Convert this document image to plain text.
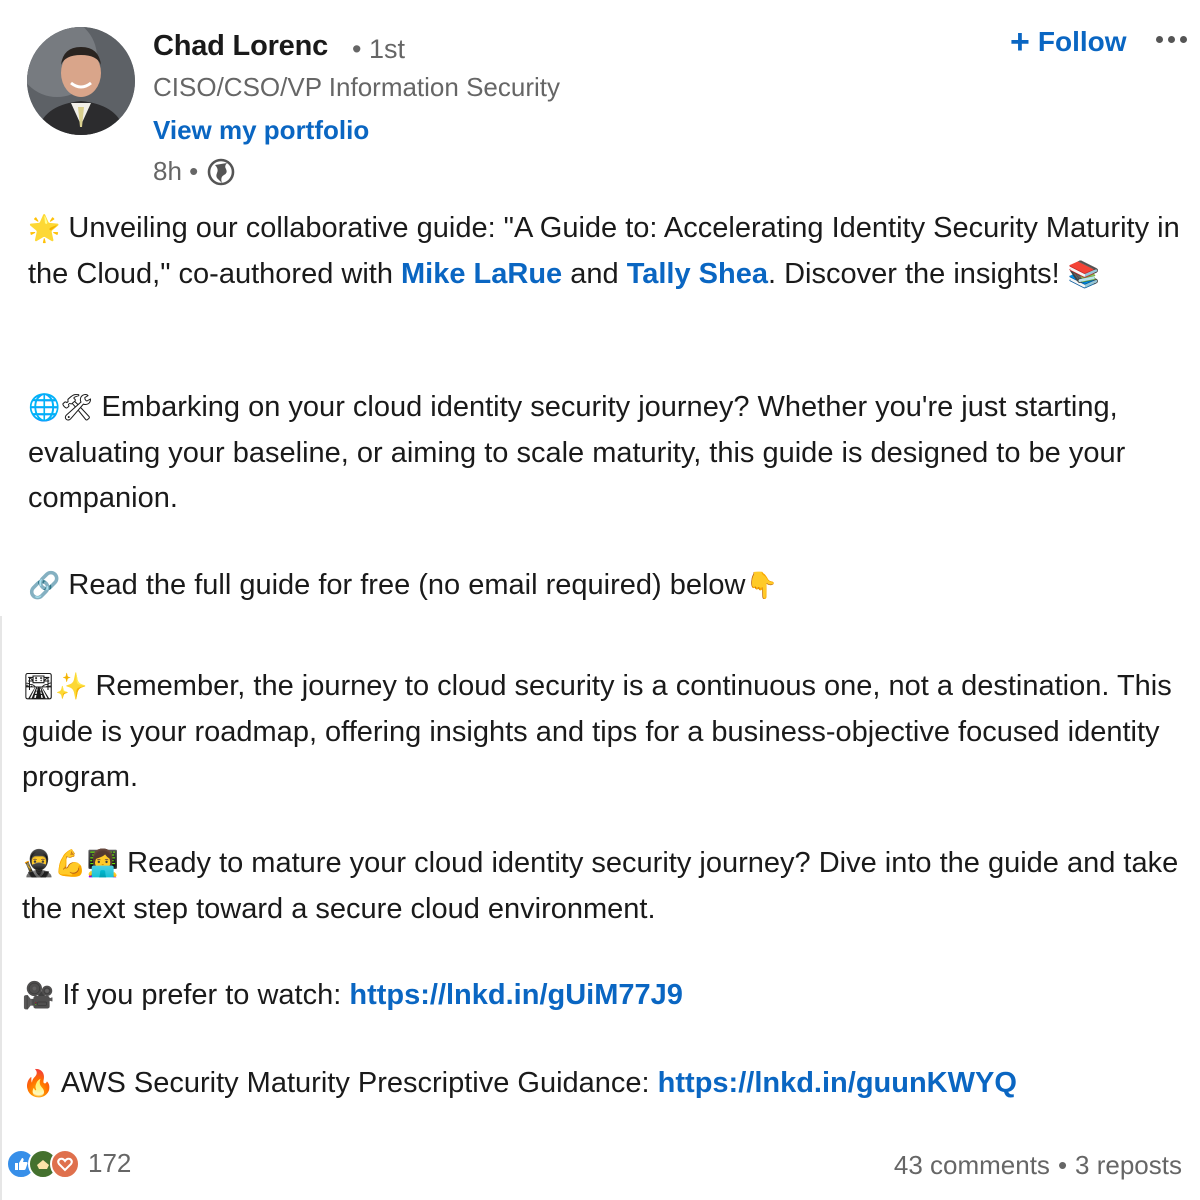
Chad Lorenc • 1st
CISO/CSO/VP Information Security
View my portfolio
8h •
+ Follow
🌟 Unveiling our collaborative guide: "A Guide to: Accelerating Identity Security Maturity in the Cloud," co-authored with Mike LaRue and Tally Shea. Discover the insights! 📚
🌐🛠 Embarking on your cloud identity security journey? Whether you're just starting, evaluating your baseline, or aiming to scale maturity, this guide is designed to be your companion.
🔗 Read the full guide for free (no email required) below👇
🛣✨ Remember, the journey to cloud security is a continuous one, not a destination. This guide is your roadmap, offering insights and tips for a business-objective focused identity program.
🥷💪👩‍💻 Ready to mature your cloud identity security journey? Dive into the guide and take the next step toward a secure cloud environment.
🎥 If you prefer to watch: https://lnkd.in/gUiM77J9
🔥 AWS Security Maturity Prescriptive Guidance: https://lnkd.in/guunKWYQ
172	43 comments • 3 reposts
